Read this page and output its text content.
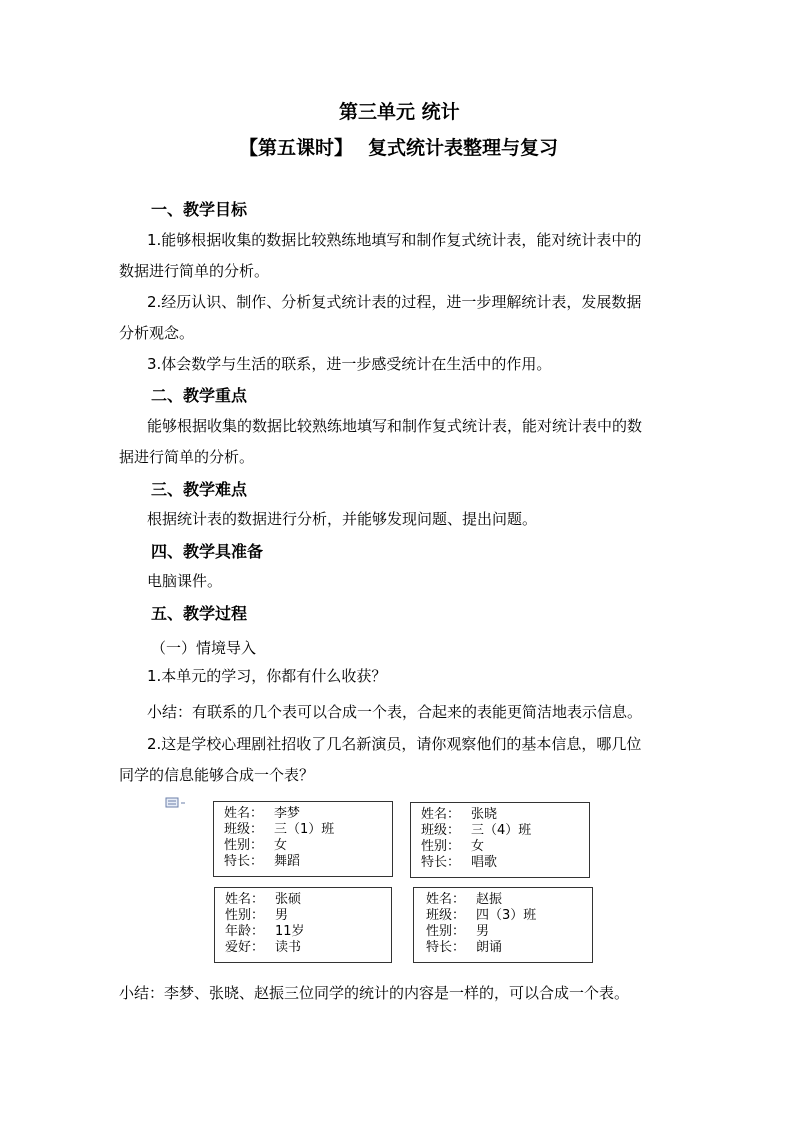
第三单元 统计
【第五课时】 复式统计表整理与复习
一、教学目标
1.能够根据收集的数据比较熟练地填写和制作复式统计表，能对统计表中的
数据进行简单的分析。
2.经历认识、制作、分析复式统计表的过程，进一步理解统计表，发展数据
分析观念。
3.体会数学与生活的联系，进一步感受统计在生活中的作用。
二、教学重点
能够根据收集的数据比较熟练地填写和制作复式统计表，能对统计表中的数
据进行简单的分析。
三、教学难点
根据统计表的数据进行分析，并能够发现问题、提出问题。
四、教学具准备
电脑课件。
五、教学过程
（一）情境导入
1.本单元的学习，你都有什么收获？
小结：有联系的几个表可以合成一个表，合起来的表能更简洁地表示信息。
2.这是学校心理剧社招收了几名新演员，请你观察他们的基本信息，哪几位
同学的信息能够合成一个表？
姓名： 李梦
班级： 三（1）班
性别： 女
特长： 舞蹈
姓名： 张晓
班级： 三（4）班
性别： 女
特长： 唱歌
姓名： 张硕
性别： 男
年龄： 11岁
爱好： 读书
姓名： 赵振
班级： 四（3）班
性别： 男
特长： 朗诵
小结：李梦、张晓、赵振三位同学的统计的内容是一样的，可以合成一个表。
